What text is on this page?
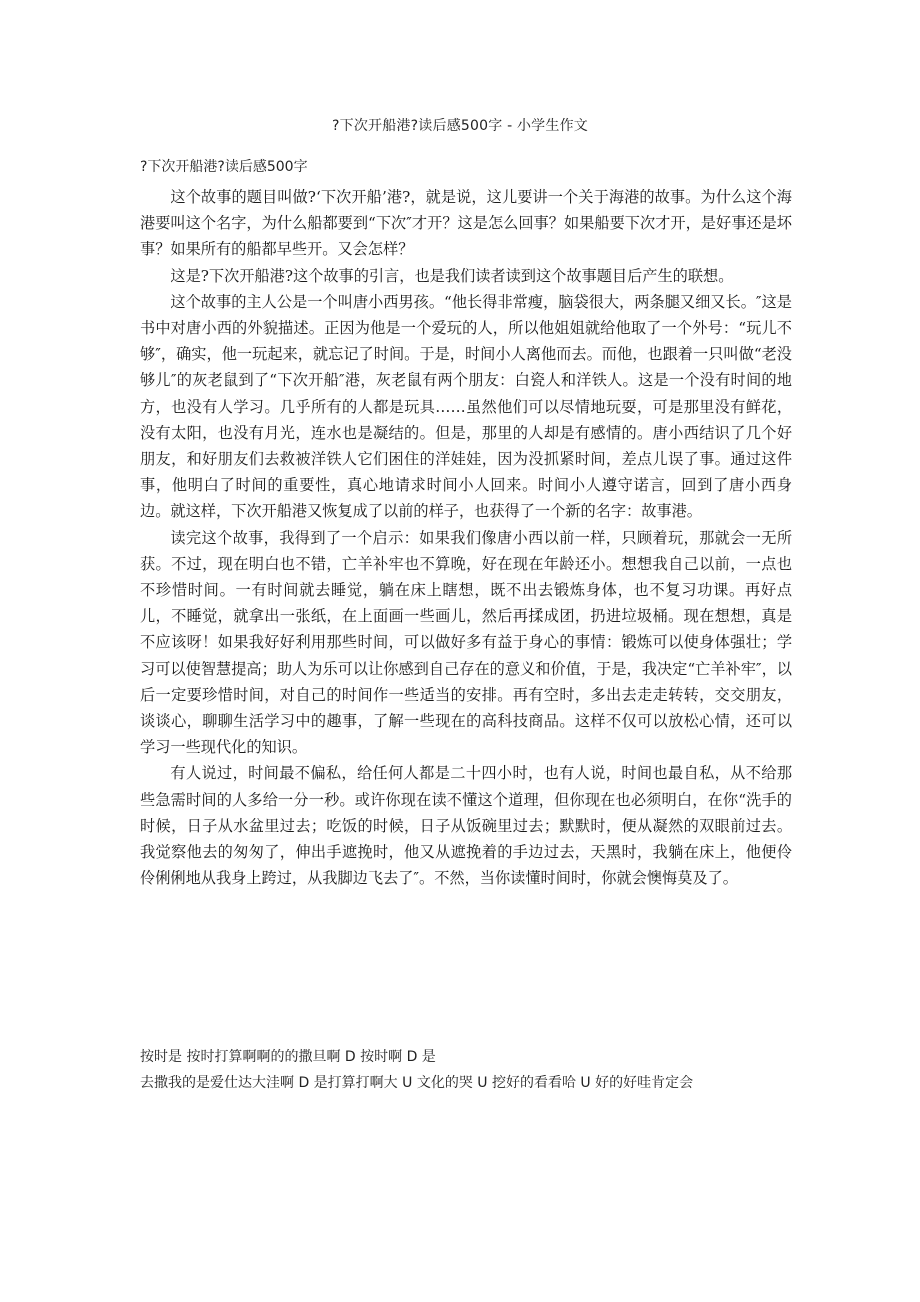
?下次开船港?读后感500字 - 小学生作文
?下次开船港?读后感500字

这个故事的题目叫做?‘下次开船’港?，就是说，这儿要讲一个关于海港的故事。为什么这个海港要叫这个名字，为什么船都要到“下次″才开？这是怎么回事？如果船要下次才开，是好事还是坏事？如果所有的船都早些开。又会怎样？

这是?下次开船港?这个故事的引言，也是我们读者读到这个故事题目后产生的联想。

这个故事的主人公是一个叫唐小西男孩。“他长得非常瘦，脑袋很大，两条腿又细又长。″这是书中对唐小西的外貌描述。正因为他是一个爱玩的人，所以他姐姐就给他取了一个外号：“玩儿不够″，确实，他一玩起来，就忘记了时间。于是，时间小人离他而去。而他，也跟着一只叫做“老没够儿″的灰老鼠到了“下次开船″港，灰老鼠有两个朋友：白瓷人和洋铁人。这是一个没有时间的地方，也没有人学习。几乎所有的人都是玩具……虽然他们可以尽情地玩耍，可是那里没有鲜花，没有太阳，也没有月光，连水也是凝结的。但是，那里的人却是有感情的。唐小西结识了几个好朋友，和好朋友们去救被洋铁人它们困住的洋娃娃，因为没抓紧时间，差点儿误了事。通过这件事，他明白了时间的重要性，真心地请求时间小人回来。时间小人遵守诺言，回到了唐小西身边。就这样，下次开船港又恢复成了以前的样子，也获得了一个新的名字：故事港。

读完这个故事，我得到了一个启示：如果我们像唐小西以前一样，只顾着玩，那就会一无所获。不过，现在明白也不错，亡羊补牢也不算晚，好在现在年龄还小。想想我自己以前，一点也不珍惜时间。一有时间就去睡觉，躺在床上瞎想，既不出去锻炼身体，也不复习功课。再好点儿，不睡觉，就拿出一张纸，在上面画一些画儿，然后再揉成团，扔进垃圾桶。现在想想，真是不应该呀！如果我好好利用那些时间，可以做好多有益于身心的事情：锻炼可以使身体强壮；学习可以使智慧提高；助人为乐可以让你感到自己存在的意义和价值，于是，我决定“亡羊补牢″，以后一定要珍惜时间，对自己的时间作一些适当的安排。再有空时，多出去走走转转，交交朋友，谈谈心，聊聊生活学习中的趣事，了解一些现在的高科技商品。这样不仅可以放松心情，还可以学习一些现代化的知识。

有人说过，时间最不偏私，给任何人都是二十四小时，也有人说，时间也最自私，从不给那些急需时间的人多给一分一秒。或许你现在读不懂这个道理，但你现在也必须明白，在你“洗手的时候，日子从水盆里过去；吃饭的时候，日子从饭碗里过去；默默时，便从凝然的双眼前过去。我觉察他去的匆匆了，伸出手遮挽时，他又从遮挽着的手边过去，天黑时，我躺在床上，他便伶伶俐俐地从我身上跨过，从我脚边飞去了″。不然，当你读懂时间时，你就会懊悔莫及了。

按时是 按时打算啊啊的的撒旦啊 D 按时啊 D 是
去撒我的是爱仕达大洼啊 D 是打算打啊大 U 文化的哭 U 挖好的看看哈 U 好的好哇肯定会
